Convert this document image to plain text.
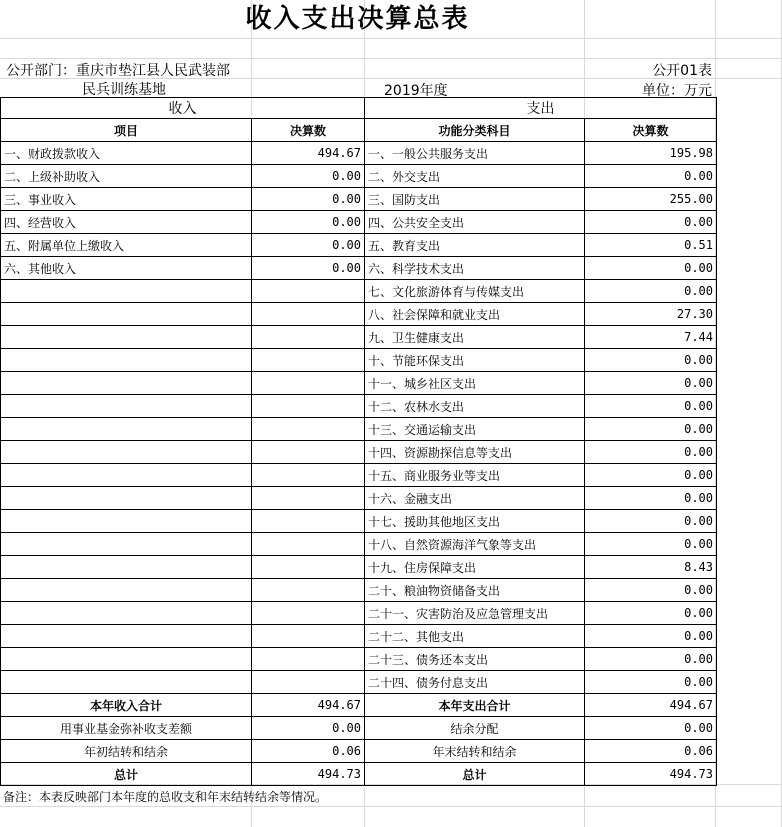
收入支出决算总表
公开部门：重庆市垫江县人民武装部
民兵训练基地	2019年度
公开01表
单位：万元
收入		支出	
项目	决算数	功能分类科目	决算数
一、财政拨款收入	494.67	一、一般公共服务支出	195.98
二、上级补助收入	0.00	二、外交支出	0.00
三、事业收入	0.00	三、国防支出	255.00
四、经营收入	0.00	四、公共安全支出	0.00
五、附属单位上缴收入	0.00	五、教育支出	0.51
六、其他收入	0.00	六、科学技术支出	0.00
		七、文化旅游体育与传媒支出	0.00
		八、社会保障和就业支出	27.30
		九、卫生健康支出	7.44
		十、节能环保支出	0.00
		十一、城乡社区支出	0.00
		十二、农林水支出	0.00
		十三、交通运输支出	0.00
		十四、资源勘探信息等支出	0.00
		十五、商业服务业等支出	0.00
		十六、金融支出	0.00
		十七、援助其他地区支出	0.00
		十八、自然资源海洋气象等支出	0.00
		十九、住房保障支出	8.43
		二十、粮油物资储备支出	0.00
		二十一、灾害防治及应急管理支出	0.00
		二十二、其他支出	0.00
		二十三、债务还本支出	0.00
		二十四、债务付息支出	0.00
本年收入合计	494.67	本年支出合计	494.67
用事业基金弥补收支差额	0.00	结余分配	0.00
年初结转和结余	0.06	年末结转和结余	0.06
总计	494.73	总计	494.73
备注：本表反映部门本年度的总收支和年末结转结余等情况。
